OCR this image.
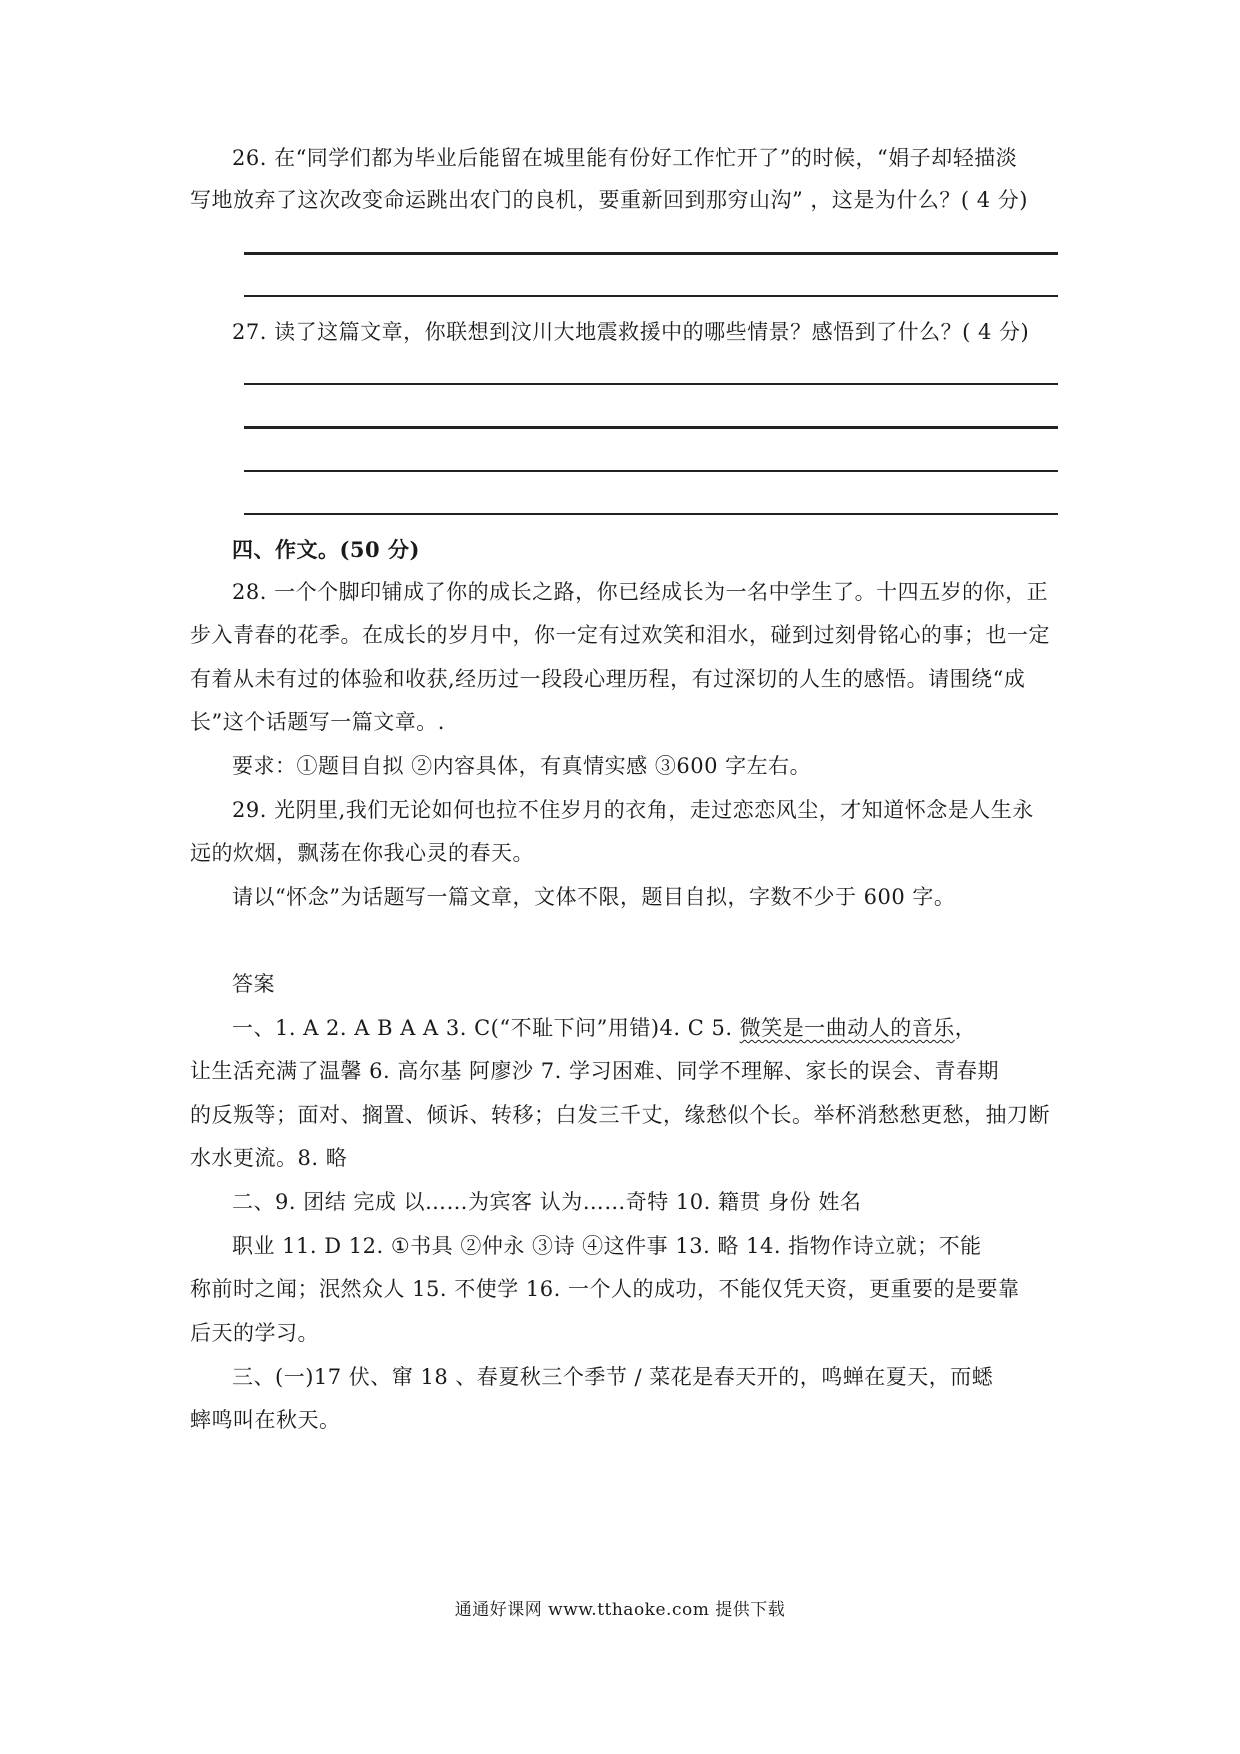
26. 在“同学们都为毕业后能留在城里能有份好工作忙开了”的时候，“娟子却轻描淡
写地放弃了这次改变命运跳出农门的良机，要重新回到那穷山沟” ，这是为什么？( 4 分)
27. 读了这篇文章，你联想到汶川大地震救援中的哪些情景？感悟到了什么？( 4 分)
四、作文。(50 分)
28. 一个个脚印铺成了你的成长之路，你已经成长为一名中学生了。十四五岁的你，正
步入青春的花季。在成长的岁月中，你一定有过欢笑和泪水，碰到过刻骨铭心的事；也一定
有着从未有过的体验和收获,经历过一段段心理历程，有过深切的人生的感悟。请围绕“成
长”这个话题写一篇文章。.
要求：①题目自拟 ②内容具体，有真情实感 ③600 字左右。
29. 光阴里,我们无论如何也拉不住岁月的衣角，走过恋恋风尘，才知道怀念是人生永
远的炊烟，飘荡在你我心灵的春天。
请以“怀念”为话题写一篇文章，文体不限，题目自拟，字数不少于 600 字。
答案
一、1. A 2. A B A A 3. C(“不耻下问”用错)4. C 5. 微笑是一曲动人的音乐，
让生活充满了温馨 6. 高尔基 阿廖沙 7. 学习困难、同学不理解、家长的误会、青春期
的反叛等；面对、搁置、倾诉、转移；白发三千丈，缘愁似个长。举杯消愁愁更愁，抽刀断
水水更流。8. 略
二、9. 团结 完成 以……为宾客 认为……奇特 10. 籍贯 身份 姓名
职业 11. D 12. ①书具 ②仲永 ③诗 ④这件事 13. 略 14. 指物作诗立就；不能
称前时之闻；泯然众人 15. 不使学 16. 一个人的成功，不能仅凭天资，更重要的是要靠
后天的学习。
三、(一)17 伏、窜 18 、春夏秋三个季节 / 菜花是春天开的，鸣蝉在夏天，而蟋
蟀鸣叫在秋天。
通通好课网 www.tthaoke.com 提供下载
